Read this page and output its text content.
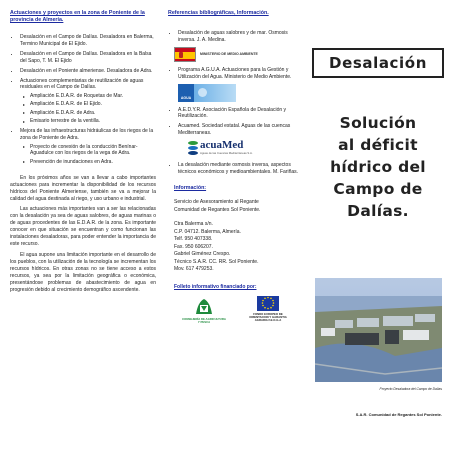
Actuaciones y proyectos en la zona de Poniente de la provincia de Almería.
• Desalación en el Campo de Dalías. Desaladora en Balerma, Termino Municipal de El Ejido.
• Desalación en el Campo de Dalías. Desaladora en la Balsa del Sapo, T. M. El Ejido
• Desalación en el Poniente almeriense. Desaladora de Adra.
• Actuaciones complementarias de reutilización de aguas residuales en el Campo de Dalías.
▸ Ampliación E.D.A.R. de Roquetas de Mar.
▸ Ampliación E.D.A.R. de El Ejido.
▸ Ampliación E.D.A.R. de Adra.
▸ Emisario terrestre de la ventilla.
• Mejora de las infraestructuras hidráulicas de los riegos de la zona de Poniente de Adra.
▸ Proyecto de conexión de la conducción Benínar-Aguadulce con los riegos de la vega de Adra.
▸ Prevención de inundaciones en Adra.
En los próximos años se van a llevar a cabo importantes actuaciones para incrementar la disponibilidad de los recursos hídricos del Poniente Almeriense, también se va a mejorar la calidad del agua destinada al riego, y uso urbano e industrial.
Las actuaciones más importantes van a ser las relacionadas con la desalación ya sea de aguas salobres, de aguas marinas o de aguas procedentes de las E.D.A.R. de la zona. Es importante conocer en que situación se encuentran y como funcionan las instalaciones desaladoras, para poder entender la importancia de este recurso.
El agua supone una limitación importante en el desarrollo de los pueblos, con la utilización de la tecnología se incrementan los recursos hídricos. En otras zonas no se tiene acceso a estos recursos, ya sea por la limitación geográfica o económica, presentándose problemas de abastecimiento de agua en progresión debido al crecimiento demográfico ascendente.
Referencias bibliográficas, Información.
• Desalación de aguas salobres y de mar. Osmosis inversa. J. A. Medina.
MINISTERIO DE MEDIO AMBIENTE
• Programa A.G.U.A. Actuaciones para la Gestión y Utilización del Agua. Ministerio de Medio Ambiente.
AGUA
• A.E.D.Y.R. Asociación Española de Desalación y Reutilización.
• Acuamed. Sociedad estatal. Aguas de las cuencas Mediterraneas.
acuaMed
Aguas de las Cuencas Mediterráneas S.A.
• La desalación mediante osmosis inversa, aspectos técnicos económicos y medioambientales. M. Fariñas.
Información:
Servicio de Asesoramiento al Regante
Comunidad de Regantes Sol Poniente.
Ctra Balerma s/n.
C.P. 04712. Balerma, Almería.
Telf. 950 407338.
Fax. 950 606207.
Gabriel Giménez Crespo.
Técnico S.A.R. CC. RR. Sol Poniente.
Mov. 617 479253.
Folleto informativo financiado por:
CONSEJERÍA DE AGRICULTURA Y PESCA
FONDO EUROPEO DE ORIENTACION Y GARANTIA AGRARIA F.E.O.G.A
Desalación
Solución
al déficit
hídrico del
Campo de
Dalías.
Proyecto Desaladora del Campo de Dalías
S.A.R. Comunidad de Regantes Sol Poniente.
